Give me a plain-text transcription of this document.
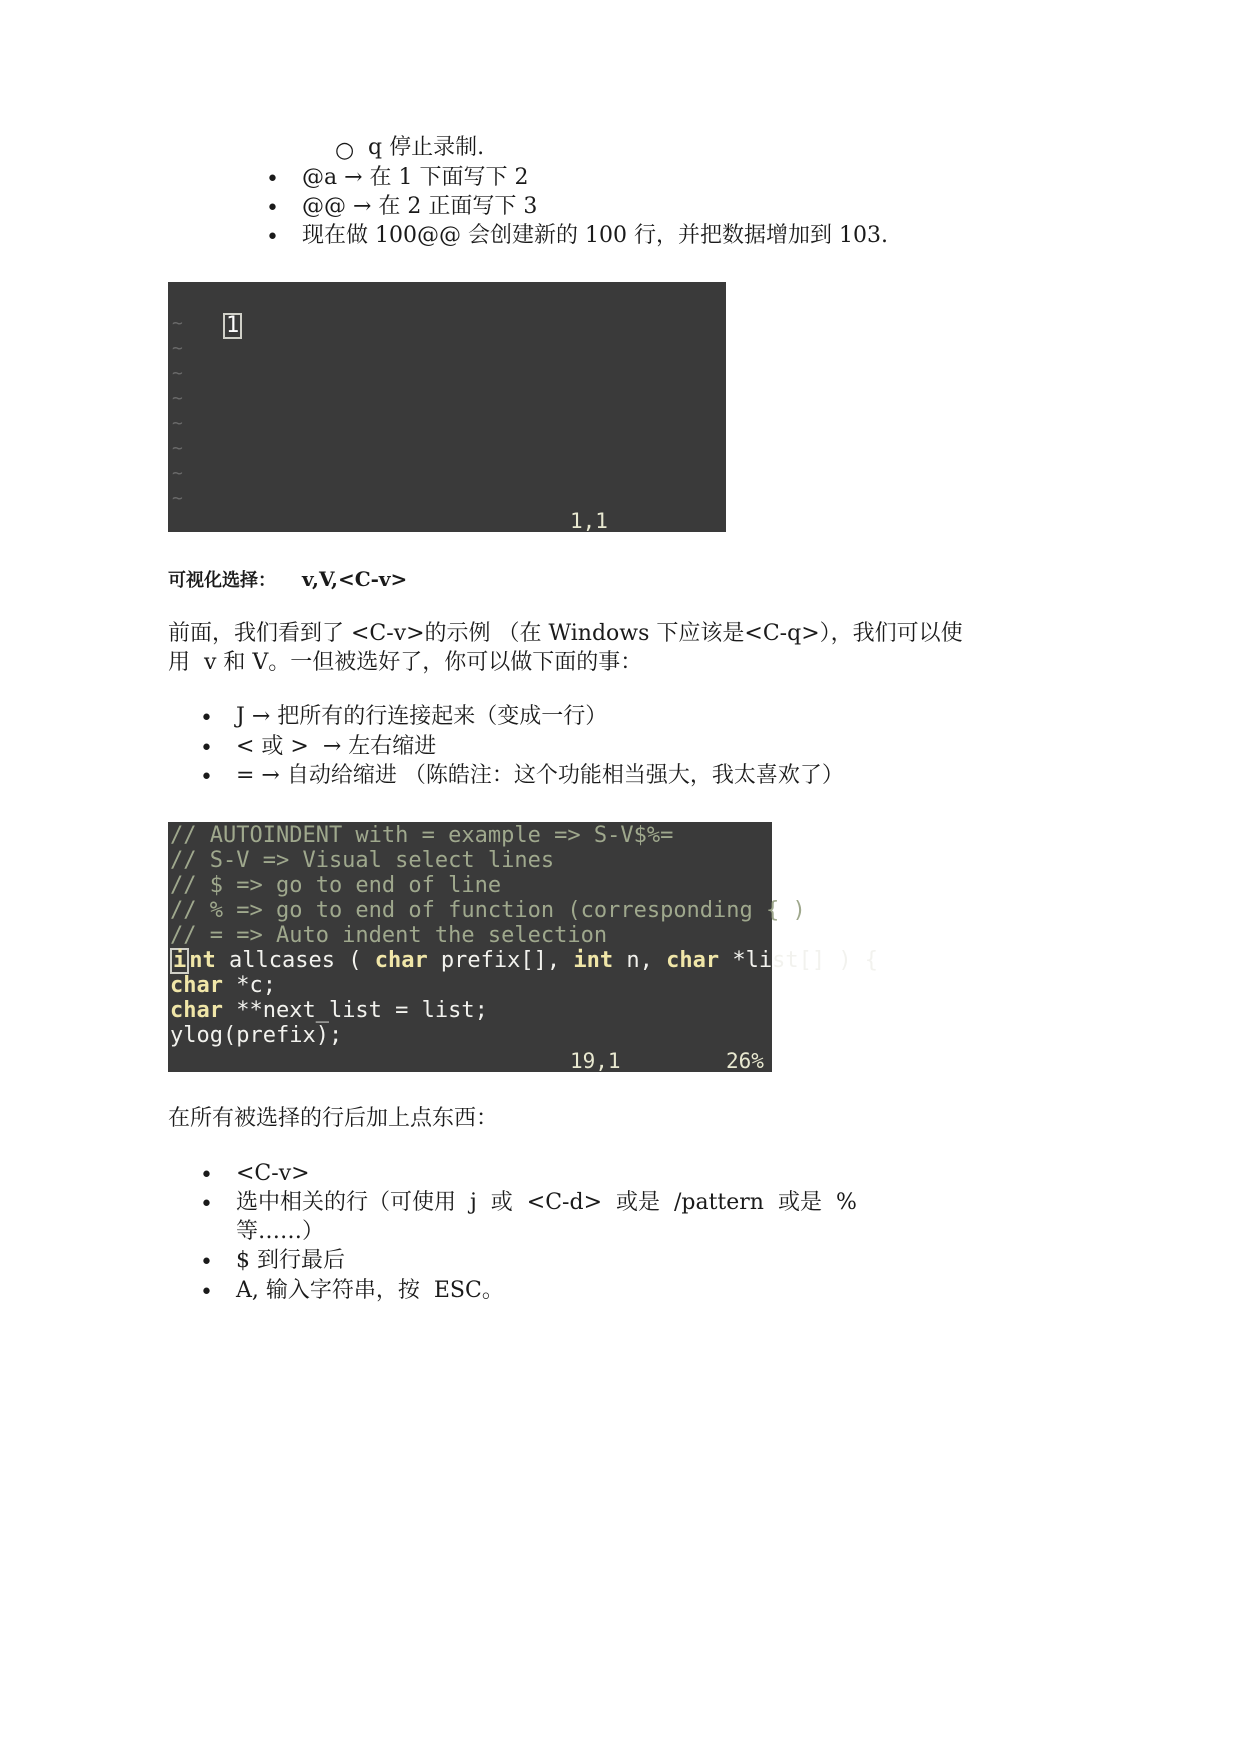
○ q 停止录制.
• @a → 在 1 下面写下 2
• @@ → 在 2 正面写下 3
• 现在做 100@@ 会创建新的 100 行，并把数据增加到 103.

1

~
~
~
~
~
~
~
~
1,1
可视化选择： v,V,<C-v>
前面，我们看到了 <C-v>的示例 （在 Windows 下应该是<C-q>），我们可以使
用  v 和 V。一但被选好了，你可以做下面的事：
• J → 把所有的行连接起来（变成一行）
• < 或 >  → 左右缩进
• = → 自动给缩进 （陈皓注：这个功能相当强大，我太喜欢了）
// AUTOINDENT with = example => S-V$%=
// S-V => Visual select lines
// $ => go to end of line
// % => go to end of function (corresponding { )
// = => Auto indent the selection
i nt allcases ( char prefix[], int n, char *list[] ) {
char *c;
char **next_list = list;
ylog(prefix);
19,1	26%
在所有被选择的行后加上点东西：
• <C-v>
• 选中相关的行（可使用  j  或  <C-d>  或是  /pattern  或是  %
等……）
• $ 到行最后
• A, 输入字符串，按  ESC。
